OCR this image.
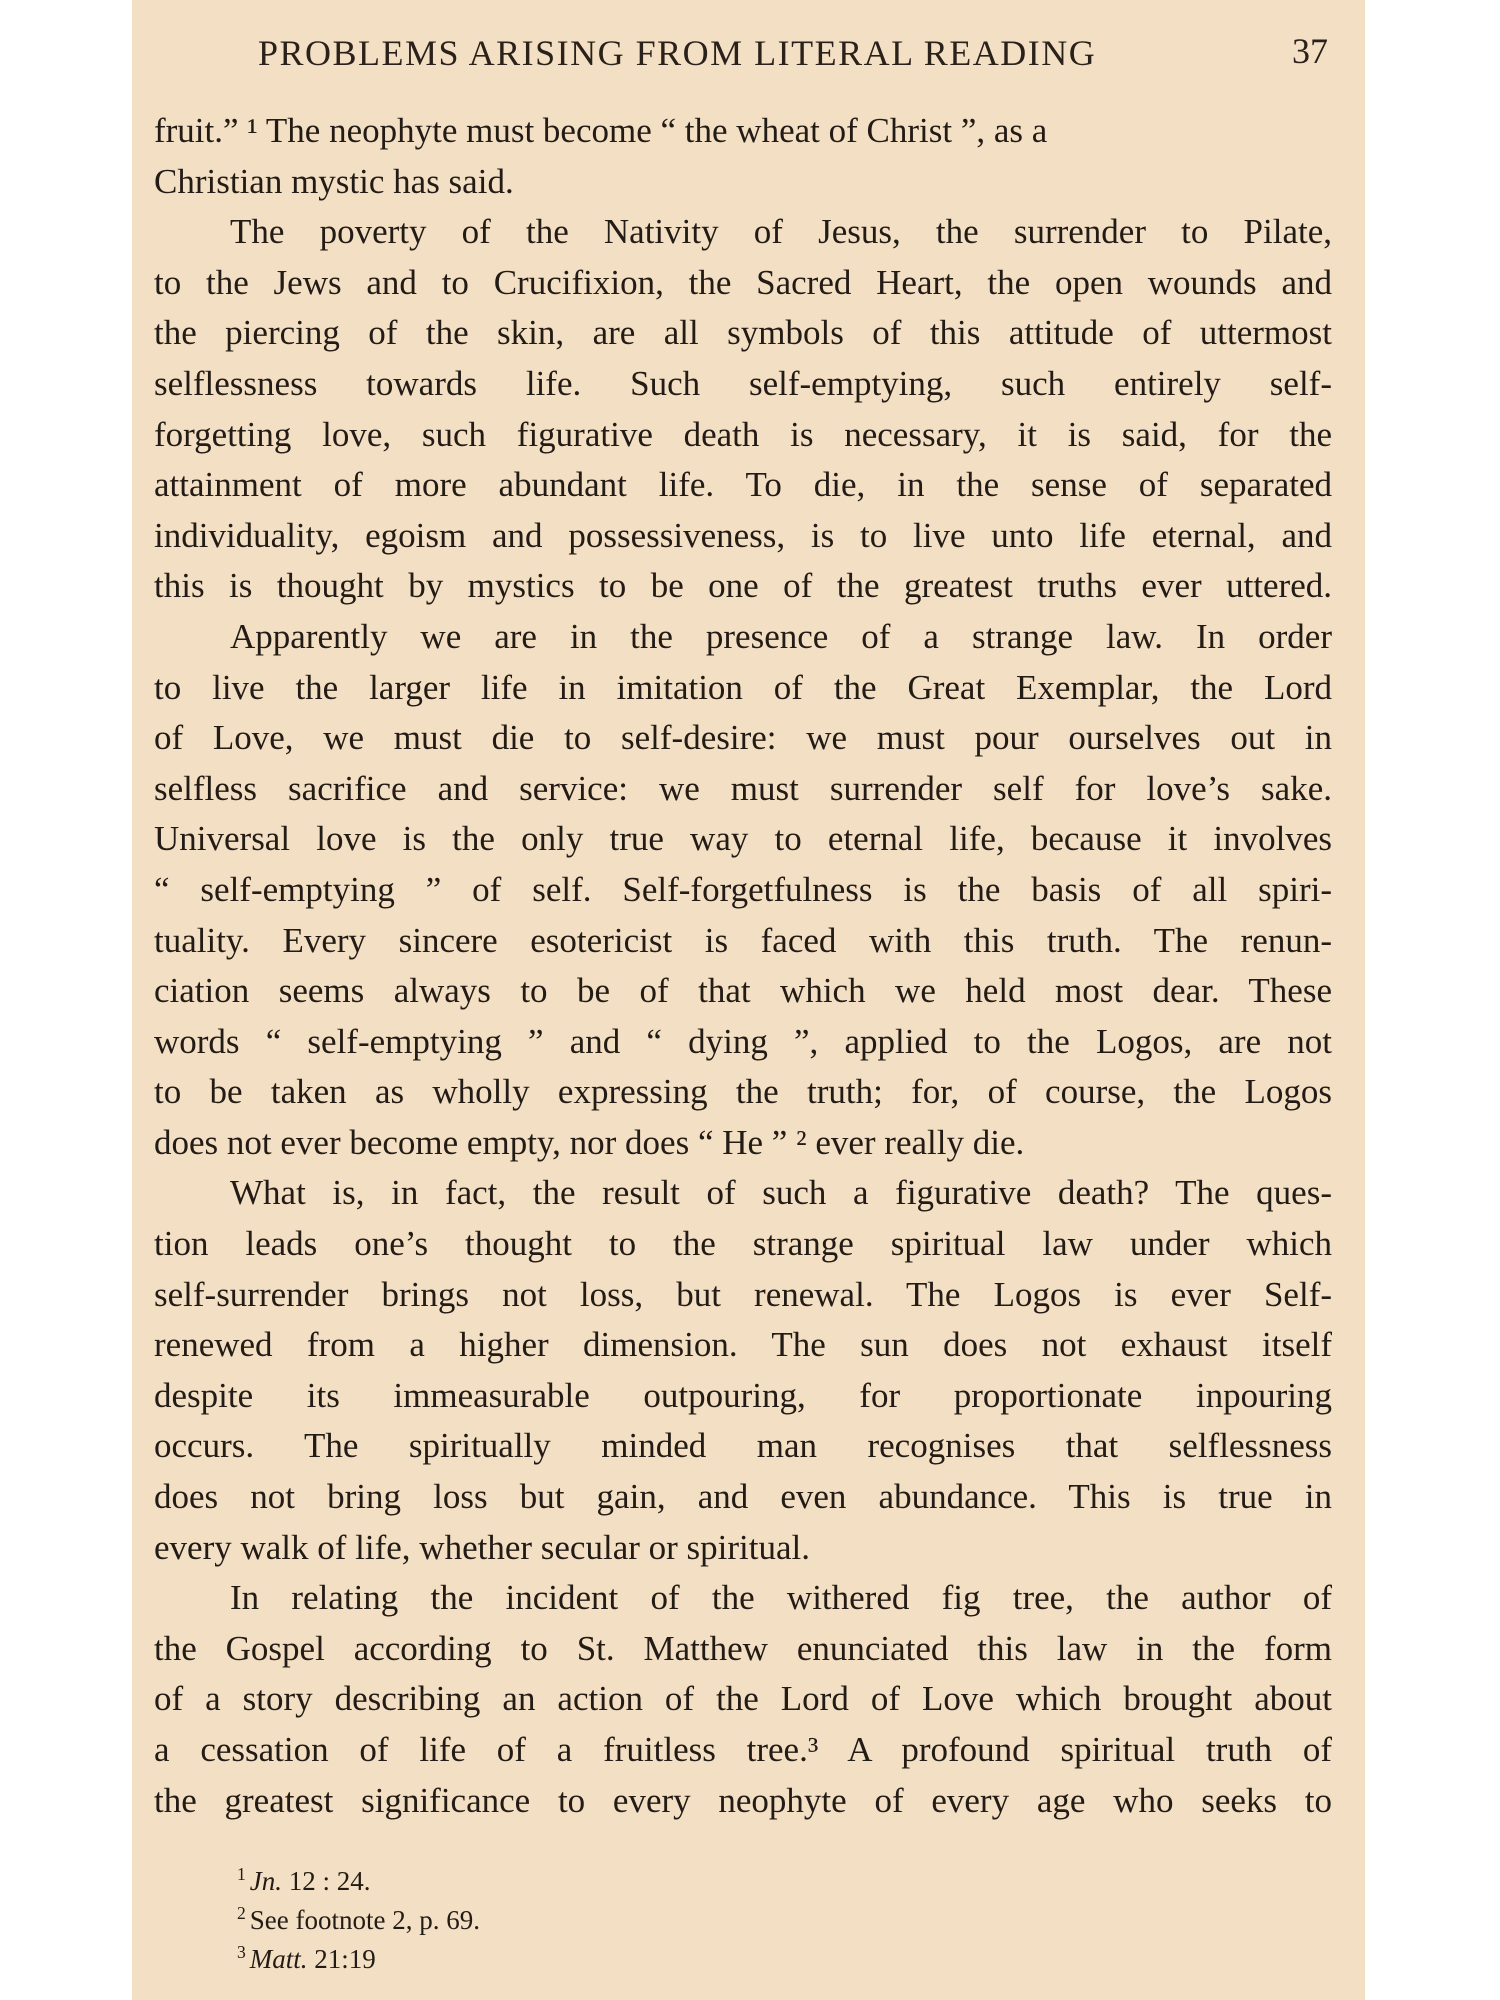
PROBLEMS ARISING FROM LITERAL READING	37
fruit.” ¹ The neophyte must become “ the wheat of Christ ”, as a
Christian mystic has said.
The poverty of the Nativity of Jesus, the surrender to Pilate,
to the Jews and to Crucifixion, the Sacred Heart, the open wounds and
the piercing of the skin, are all symbols of this attitude of uttermost
selflessness towards life. Such self-emptying, such entirely self-
forgetting love, such figurative death is necessary, it is said, for the
attainment of more abundant life. To die, in the sense of separated
individuality, egoism and possessiveness, is to live unto life eternal, and
this is thought by mystics to be one of the greatest truths ever uttered.
Apparently we are in the presence of a strange law. In order
to live the larger life in imitation of the Great Exemplar, the Lord
of Love, we must die to self-desire: we must pour ourselves out in
selfless sacrifice and service: we must surrender self for love’s sake.
Universal love is the only true way to eternal life, because it involves
“ self-emptying ” of self. Self-forgetfulness is the basis of all spiri-
tuality. Every sincere esotericist is faced with this truth. The renun-
ciation seems always to be of that which we held most dear. These
words “ self-emptying ” and “ dying ”, applied to the Logos, are not
to be taken as wholly expressing the truth; for, of course, the Logos
does not ever become empty, nor does “ He ” ² ever really die.
What is, in fact, the result of such a figurative death? The ques-
tion leads one’s thought to the strange spiritual law under which
self-surrender brings not loss, but renewal. The Logos is ever Self-
renewed from a higher dimension. The sun does not exhaust itself
despite its immeasurable outpouring, for proportionate inpouring
occurs. The spiritually minded man recognises that selflessness
does not bring loss but gain, and even abundance. This is true in
every walk of life, whether secular or spiritual.
In relating the incident of the withered fig tree, the author of
the Gospel according to St. Matthew enunciated this law in the form
of a story describing an action of the Lord of Love which brought about
a cessation of life of a fruitless tree.³ A profound spiritual truth of
the greatest significance to every neophyte of every age who seeks to
$^1$ Jn. 12 : 24.
$^2$ See footnote 2, p. 69.
$^3$ Matt. 21:19
